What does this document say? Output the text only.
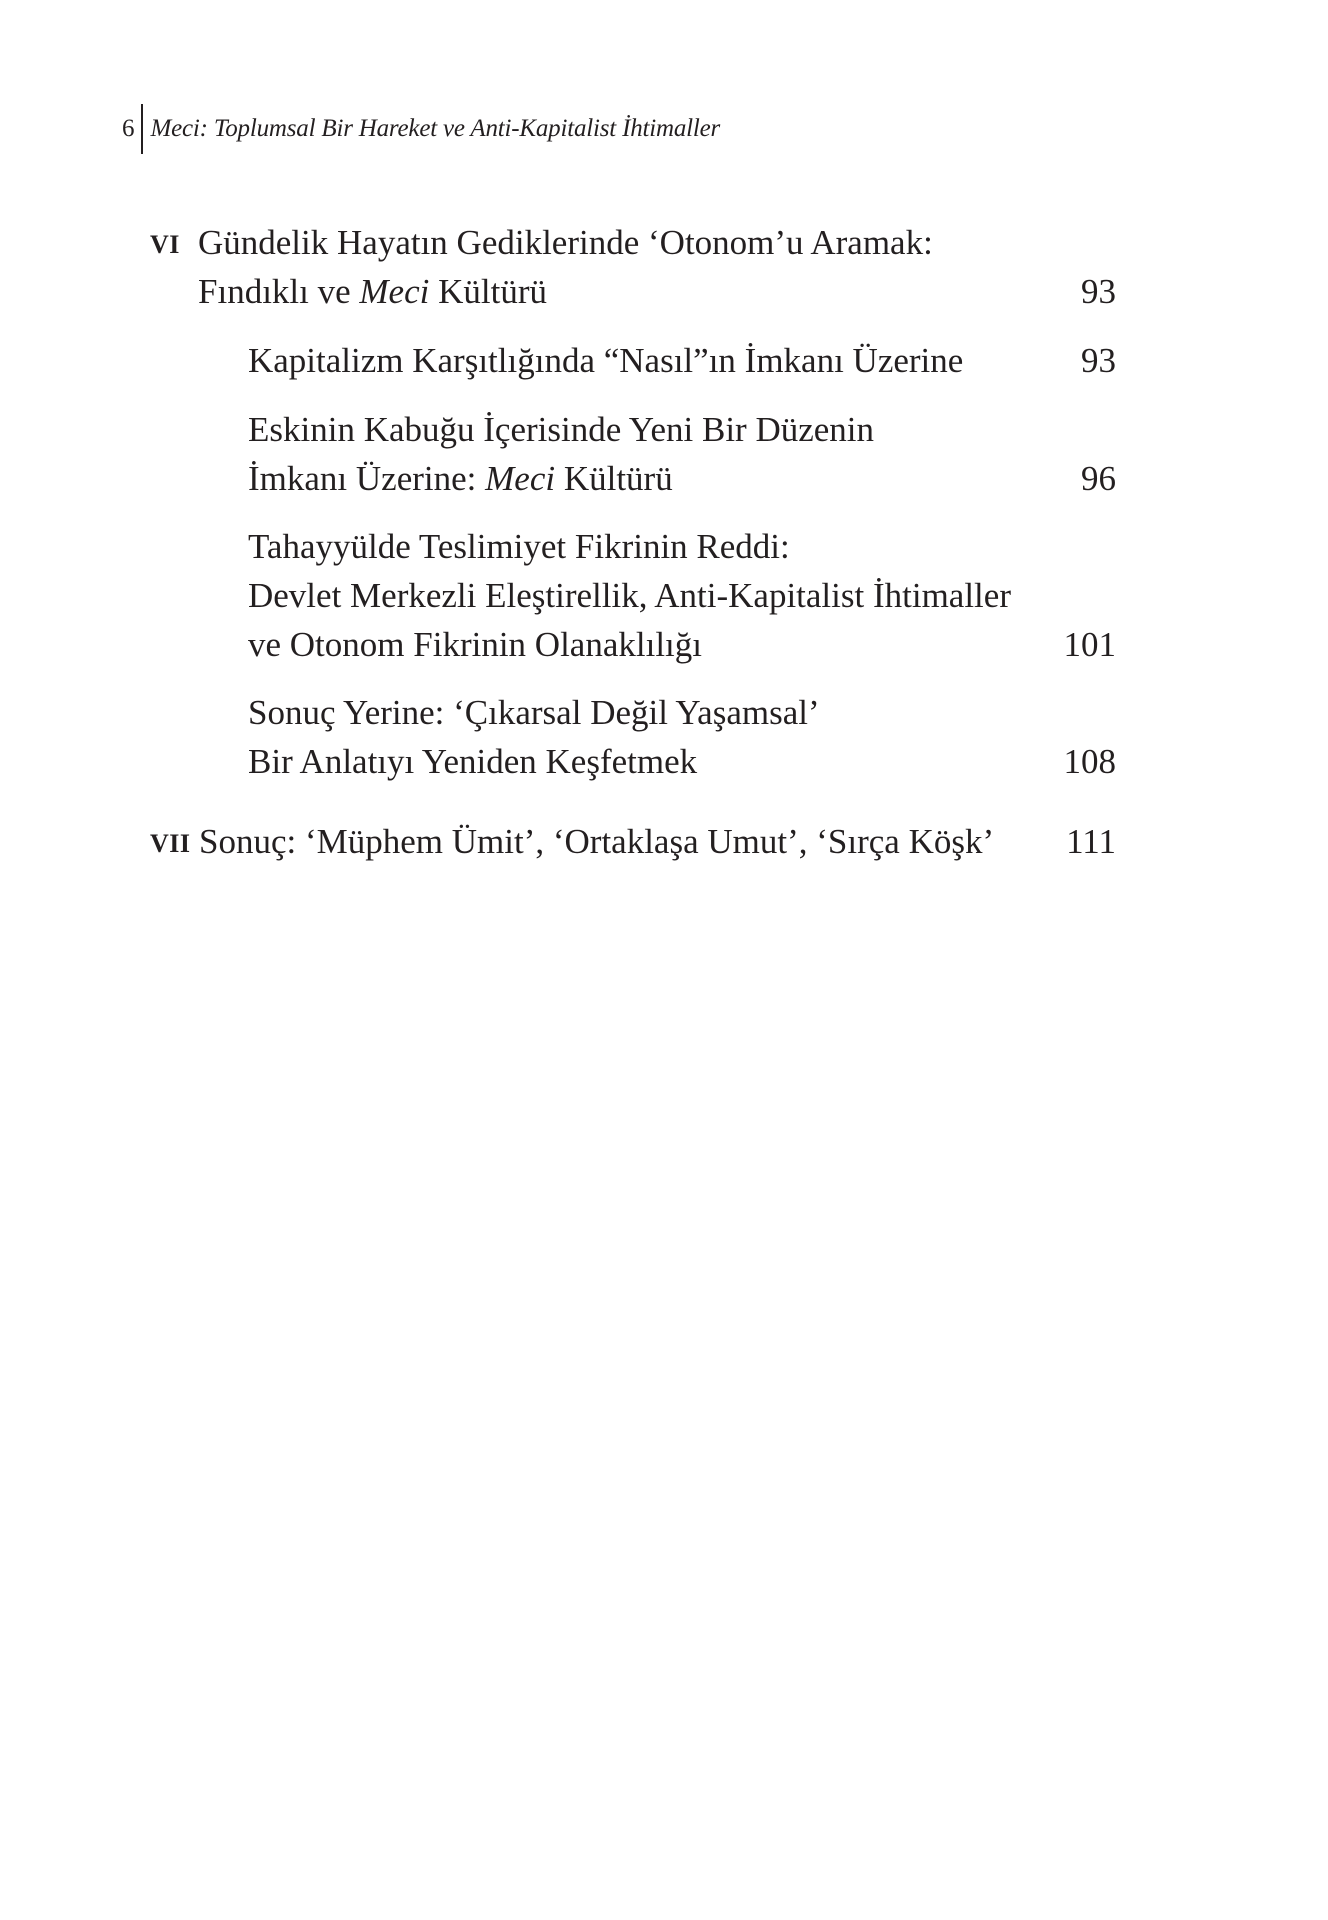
6 Meci: Toplumsal Bir Hareket ve Anti-Kapitalist İhtimaller
VI Gündelik Hayatın Gediklerinde ‘Otonom’u Aramak:
Fındıklı ve Meci Kültürü	93
Kapitalizm Karşıtlığında “Nasıl”ın İmkanı Üzerine	93
Eskinin Kabuğu İçerisinde Yeni Bir Düzenin
İmkanı Üzerine: Meci Kültürü	96
Tahayyülde Teslimiyet Fikrinin Reddi:
Devlet Merkezli Eleştirellik, Anti-Kapitalist İhtimaller
ve Otonom Fikrinin Olanaklılığı	101
Sonuç Yerine: ‘Çıkarsal Değil Yaşamsal’
Bir Anlatıyı Yeniden Keşfetmek	108
VII Sonuç: ‘Müphem Ümit’, ‘Ortaklaşa Umut’, ‘Sırça Köşk’ 111
